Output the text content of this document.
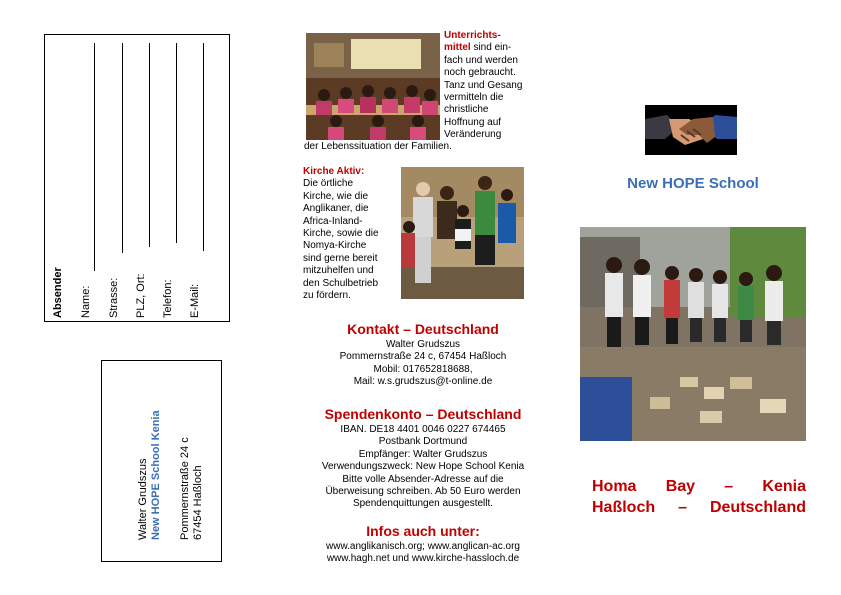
Absender Name: Strasse: PLZ, Ort: Telefon: E-Mail:
Walter Grudszus New HOPE School Kenia Pommernstraße 24 c 67454 Haßloch
Unterrichts-
mittel sind ein-
fach und werden
noch gebraucht.
Tanz und Gesang
vermitteln die
christliche
Hoffnung auf
Veränderung
der Lebenssituation der Familien.
Kirche Aktiv:
Die örtliche
Kirche, wie die
Anglikaner, die
Africa-Inland-
Kirche, sowie die
Nomya-Kirche
sind gerne bereit
mitzuhelfen und
den Schulbetrieb
zu fördern.
Kontakt – Deutschland
Walter Grudszus
Pommernstraße 24 c, 67454 Haßloch
Mobil: 017652818688,
Mail: w.s.grudszus@t-online.de
Spendenkonto – Deutschland
IBAN. DE18 4401 0046 0227 674465
Postbank Dortmund
Empfänger: Walter Grudszus
Verwendungszweck: New Hope School Kenia
Bitte volle Absender-Adresse auf die
Überweisung schreiben. Ab 50 Euro werden
Spendenquittungen ausgestellt.
Infos auch unter:
www.anglikanisch.org; www.anglican-ac.org
www.hagh.net und www.kirche-hassloch.de
New HOPE School
Homa Bay – Kenia
Haßloch – Deutschland
